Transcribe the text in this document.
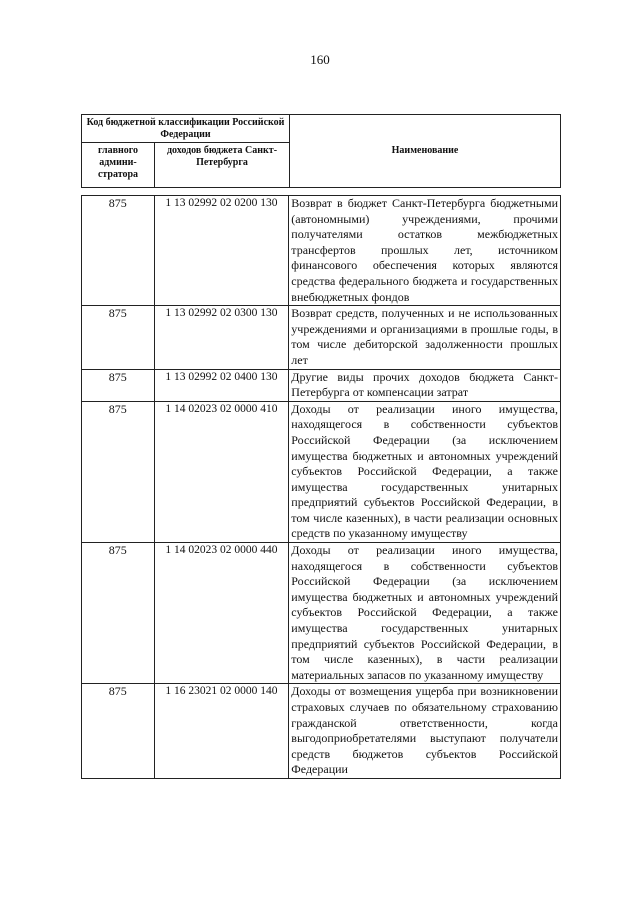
160
Код бюджетной классификации Российской Федерации		Наименование
главного админи-стратора	доходов бюджета Санкт-Петербурга	
875	1 13 02992 02 0200 130	Возврат в бюджет Санкт-Петербурга бюджетными (автономными) учреждениями, прочими получателями остатков межбюджетных трансфертов прошлых лет, источником финансового обеспечения которых являются средства федерального бюджета и государственных внебюджетных фондов

875	1 13 02992 02 0300 130	Возврат средств, полученных и не использованных учреждениями и организациями в прошлые годы, в том числе дебиторской задолженности прошлых лет

875	1 13 02992 02 0400 130	Другие виды прочих доходов бюджета Санкт-Петербурга от компенсации затрат

875	1 14 02023 02 0000 410	Доходы от реализации иного имущества, находящегося в собственности субъектов Российской Федерации (за исключением имущества бюджетных и автономных учреждений субъектов Российской Федерации, а также имущества государственных унитарных предприятий субъектов Российской Федерации, в том числе казенных), в части реализации основных средств по указанному имуществу

875	1 14 02023 02 0000 440	Доходы от реализации иного имущества, находящегося в собственности субъектов Российской Федерации (за исключением имущества бюджетных и автономных учреждений субъектов Российской Федерации, а также имущества государственных унитарных предприятий субъектов Российской Федерации, в том числе казенных), в части реализации материальных запасов по указанному имуществу

875	1 16 23021 02 0000 140	Доходы от возмещения ущерба при возникновении страховых случаев по обязательному страхованию гражданской ответственности, когда выгодоприобретателями выступают получатели средств бюджетов субъектов Российской Федерации
